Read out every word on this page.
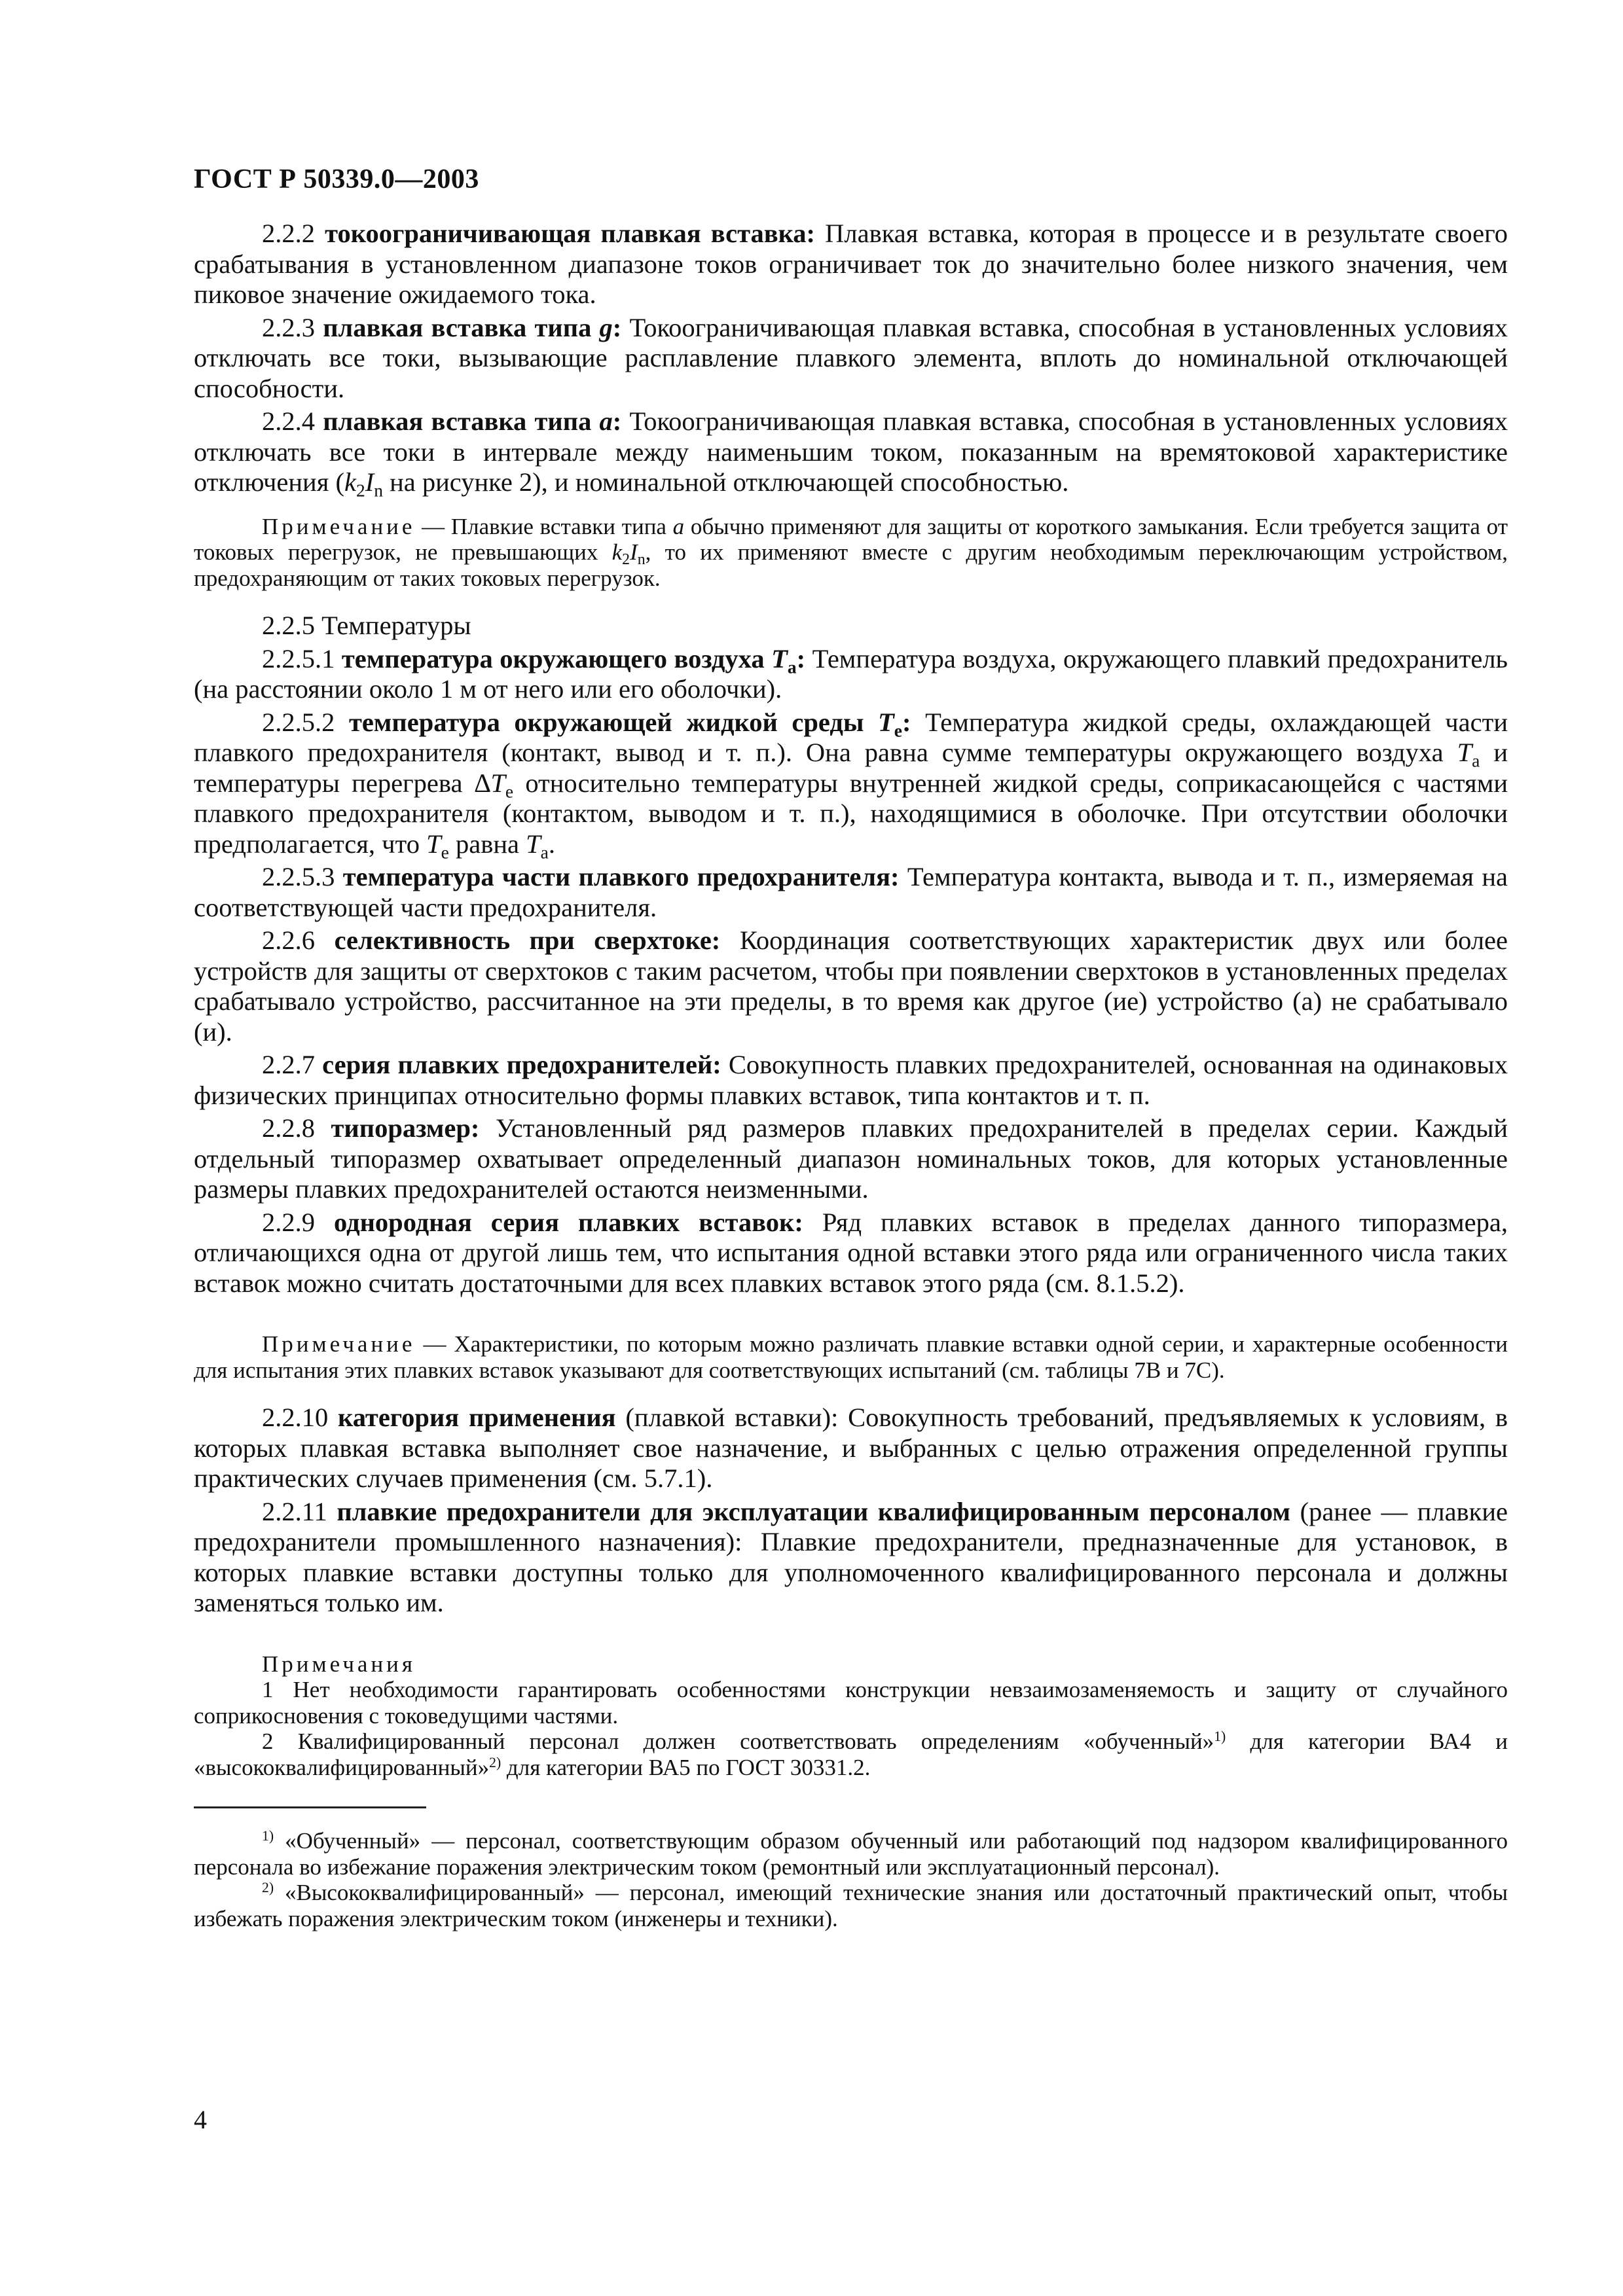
ГОСТ Р 50339.0—2003

2.2.2 токоограничивающая плавкая вставка: Плавкая вставка, которая в процессе и в результате своего срабатывания в установленном диапазоне токов ограничивает ток до значительно более низкого значения, чем пиковое значение ожидаемого тока.

2.2.3 плавкая вставка типа g: Токоограничивающая плавкая вставка, способная в установленных условиях отключать все токи, вызывающие расплавление плавкого элемента, вплоть до номинальной отключающей способности.

2.2.4 плавкая вставка типа a: Токоограничивающая плавкая вставка, способная в установленных условиях отключать все токи в интервале между наименьшим током, показанным на времятоковой характеристике отключения ($k_2I_n$ на рисунке 2), и номинальной отключающей способностью.

Примечание — Плавкие вставки типа a обычно применяют для защиты от короткого замыкания. Если требуется защита от токовых перегрузок, не превышающих $k_2I_n$, то их применяют вместе с другим необходимым переключающим устройством, предохраняющим от таких токовых перегрузок.

2.2.5 Температуры

2.2.5.1 температура окружающего воздуха $T_a$: Температура воздуха, окружающего плавкий предохранитель (на расстоянии около 1 м от него или его оболочки).

2.2.5.2 температура окружающей жидкой среды $T_e$: Температура жидкой среды, охлаждающей части плавкого предохранителя (контакт, вывод и т. п.). Она равна сумме температуры окружающего воздуха $T_a$ и температуры перегрева $\Delta T_e$ относительно температуры внутренней жидкой среды, соприкасающейся с частями плавкого предохранителя (контактом, выводом и т. п.), находящимися в оболочке. При отсутствии оболочки предполагается, что $T_e$ равна $T_a$.

2.2.5.3 температура части плавкого предохранителя: Температура контакта, вывода и т. п., измеряемая на соответствующей части предохранителя.

2.2.6 селективность при сверхтоке: Координация соответствующих характеристик двух или более устройств для защиты от сверхтоков с таким расчетом, чтобы при появлении сверхтоков в установленных пределах срабатывало устройство, рассчитанное на эти пределы, в то время как другое (ие) устройство (а) не срабатывало (и).

2.2.7 серия плавких предохранителей: Совокупность плавких предохранителей, основанная на одинаковых физических принципах относительно формы плавких вставок, типа контактов и т. п.

2.2.8 типоразмер: Установленный ряд размеров плавких предохранителей в пределах серии. Каждый отдельный типоразмер охватывает определенный диапазон номинальных токов, для которых установленные размеры плавких предохранителей остаются неизменными.

2.2.9 однородная серия плавких вставок: Ряд плавких вставок в пределах данного типоразмера, отличающихся одна от другой лишь тем, что испытания одной вставки этого ряда или ограниченного числа таких вставок можно считать достаточными для всех плавких вставок этого ряда (см. 8.1.5.2).

Примечание — Характеристики, по которым можно различать плавкие вставки одной серии, и характерные особенности для испытания этих плавких вставок указывают для соответствующих испытаний (см. таблицы 7В и 7С).

2.2.10 категория применения (плавкой вставки): Совокупность требований, предъявляемых к условиям, в которых плавкая вставка выполняет свое назначение, и выбранных с целью отражения определенной группы практических случаев применения (см. 5.7.1).

2.2.11 плавкие предохранители для эксплуатации квалифицированным персоналом (ранее — плавкие предохранители промышленного назначения): Плавкие предохранители, предназначенные для установок, в которых плавкие вставки доступны только для уполномоченного квалифицированного персонала и должны заменяться только им.

Примечания

1 Нет необходимости гарантировать особенностями конструкции невзаимозаменяемость и защиту от случайного соприкосновения с токоведущими частями.

2 Квалифицированный персонал должен соответствовать определениям «обученный»$^{1)}$ для категории ВА4 и «высококвалифицированный»$^{2)}$ для категории ВА5 по ГОСТ 30331.2.

$^{1)}$ «Обученный» — персонал, соответствующим образом обученный или работающий под надзором квалифицированного персонала во избежание поражения электрическим током (ремонтный или эксплуатационный персонал).

$^{2)}$ «Высококвалифицированный» — персонал, имеющий технические знания или достаточный практический опыт, чтобы избежать поражения электрическим током (инженеры и техники).

4
